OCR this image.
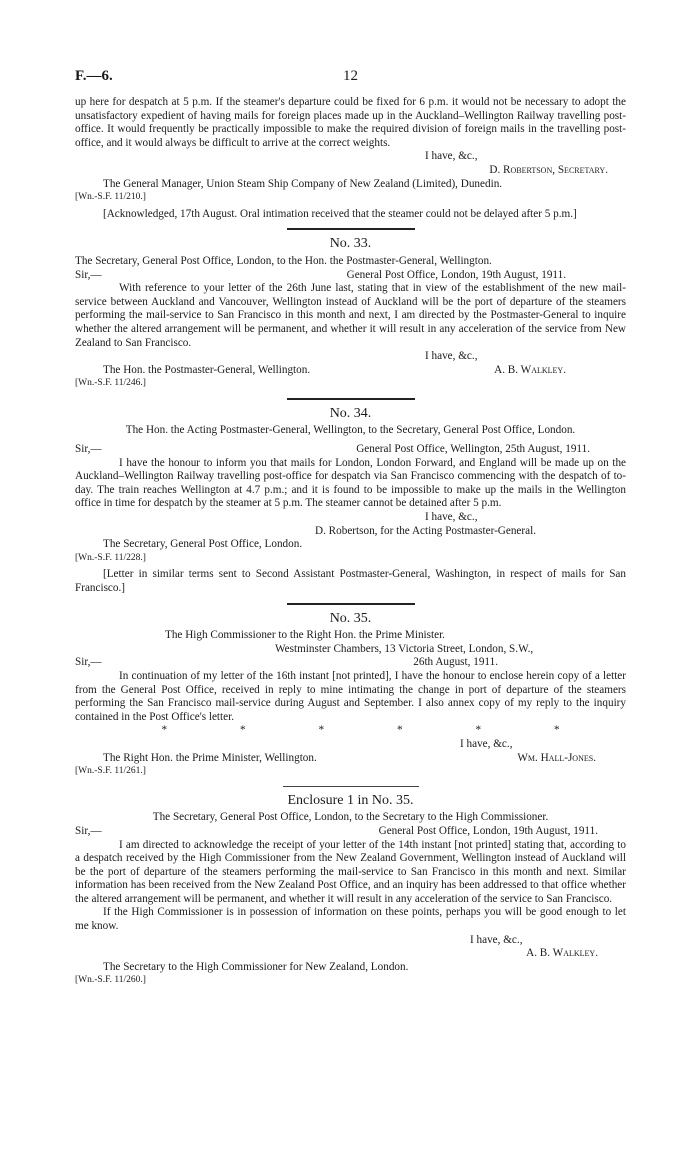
F.—6.	12

up here for despatch at 5 p.m. If the steamer's departure could be fixed for 6 p.m. it would not be necessary to adopt the unsatisfactory expedient of having mails for foreign places made up in the Auckland–Wellington Railway travelling post-office. It would frequently be practically impossible to make the required division of foreign mails in the travelling post-office, and it would always be difficult to arrive at the correct weights.

I have, &c.,

D. Robertson, Secretary.

The General Manager, Union Steam Ship Company of New Zealand (Limited), Dunedin.

[Wn.-S.F. 11/210.]

[Acknowledged, 17th August. Oral intimation received that the steamer could not be delayed after 5 p.m.]

No. 33.

The Secretary, General Post Office, London, to the Hon. the Postmaster-General, Wellington.

Sir,—	General Post Office, London, 19th August, 1911.

With reference to your letter of the 26th June last, stating that in view of the establishment of the new mail-service between Auckland and Vancouver, Wellington instead of Auckland will be the port of departure of the steamers performing the mail-service to San Francisco in this month and next, I am directed by the Postmaster-General to inquire whether the altered arrangement will be permanent, and whether it will result in any acceleration of the service from New Zealand to San Francisco.

I have, &c.,

The Hon. the Postmaster-General, Wellington.	A. B. Walkley.

[Wn.-S.F. 11/246.]

No. 34.

The Hon. the Acting Postmaster-General, Wellington, to the Secretary, General Post Office, London.

Sir,—	General Post Office, Wellington, 25th August, 1911.

I have the honour to inform you that mails for London, London Forward, and England will be made up on the Auckland–Wellington Railway travelling post-office for despatch via San Francisco commencing with the despatch of to-day. The train reaches Wellington at 4.7 p.m.; and it is found to be impossible to make up the mails in the Wellington office in time for despatch by the steamer at 5 p.m. The steamer cannot be detained after 5 p.m.

I have, &c.,

D. Robertson, for the Acting Postmaster-General.

The Secretary, General Post Office, London.

[Wn.-S.F. 11/228.]

[Letter in similar terms sent to Second Assistant Postmaster-General, Washington, in respect of mails for San Francisco.]

No. 35.

The High Commissioner to the Right Hon. the Prime Minister.

Westminster Chambers, 13 Victoria Street, London, S.W.,

Sir,—	26th August, 1911.

In continuation of my letter of the 16th instant [not printed], I have the honour to enclose herein copy of a letter from the General Post Office, received in reply to mine intimating the change in port of departure of the steamers performing the San Francisco mail-service during August and September. I also annex copy of my reply to the inquiry contained in the Post Office's letter.

*	*	*	*	*	*

I have, &c.,

The Right Hon. the Prime Minister, Wellington.	Wm. Hall-Jones.

[Wn.-S.F. 11/261.]

Enclosure 1 in No. 35.

The Secretary, General Post Office, London, to the Secretary to the High Commissioner.

Sir,—	General Post Office, London, 19th August, 1911.

I am directed to acknowledge the receipt of your letter of the 14th instant [not printed] stating that, according to a despatch received by the High Commissioner from the New Zealand Government, Wellington instead of Auckland will be the port of departure of the steamers performing the mail-service to San Francisco in this month and next. Similar information has been received from the New Zealand Post Office, and an inquiry has been addressed to that office whether the altered arrangement will be permanent, and whether it will result in any acceleration of the service to San Francisco.

If the High Commissioner is in possession of information on these points, perhaps you will be good enough to let me know.

I have, &c.,

A. B. Walkley.

The Secretary to the High Commissioner for New Zealand, London.

[Wn.-S.F. 11/260.]
